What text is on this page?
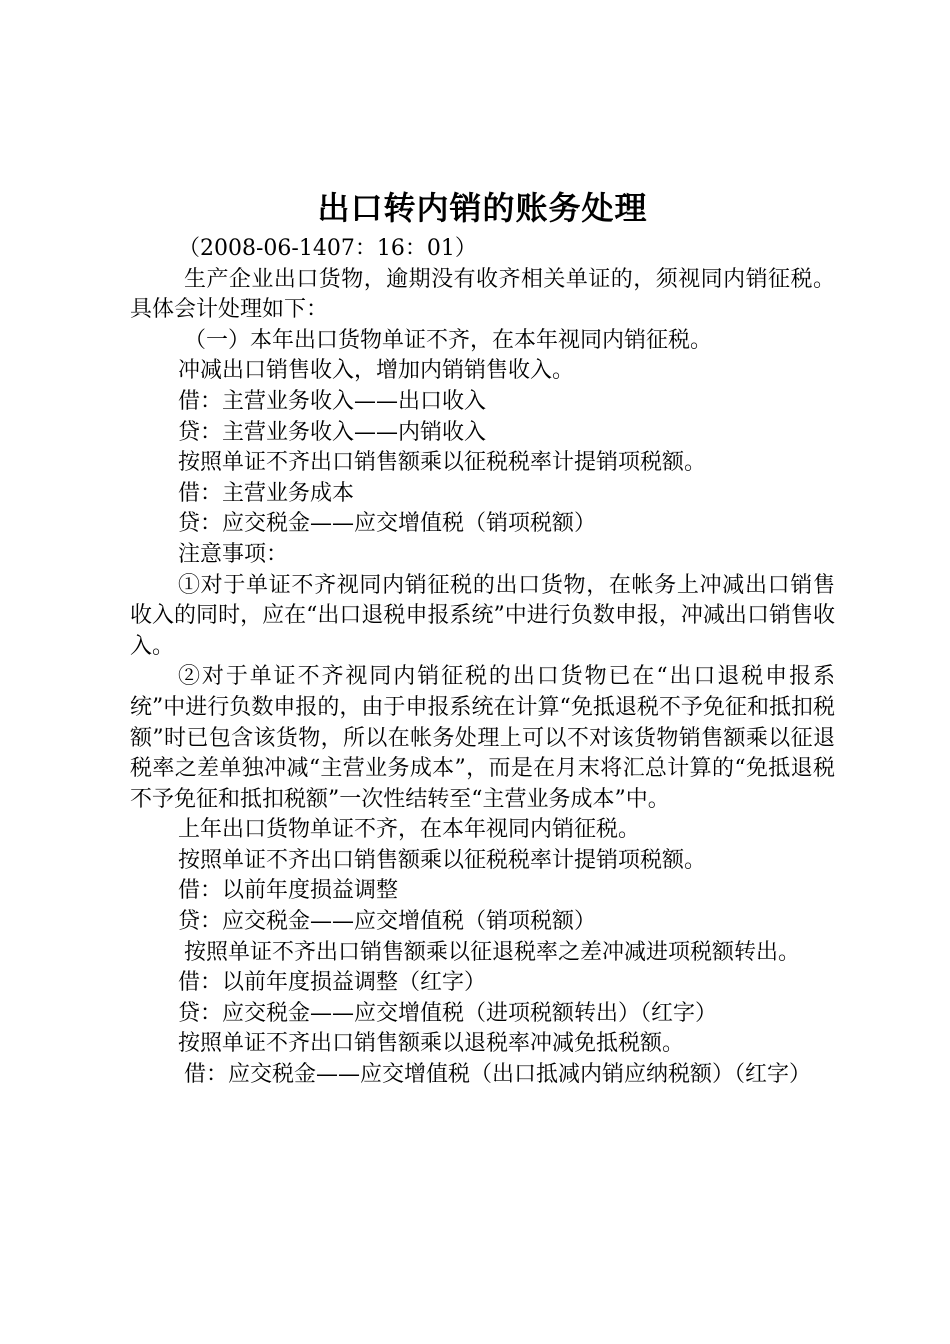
出口转内销的账务处理

（2008-06-1407：16：01）

生产企业出口货物，逾期没有收齐相关单证的，须视同内销征税。具体会计处理如下：

（一）本年出口货物单证不齐，在本年视同内销征税。

冲减出口销售收入，增加内销销售收入。

借：主营业务收入——出口收入

贷：主营业务收入——内销收入

按照单证不齐出口销售额乘以征税税率计提销项税额。

借：主营业务成本

贷：应交税金——应交增值税（销项税额）

注意事项：

①对于单证不齐视同内销征税的出口货物，在帐务上冲减出口销售收入的同时，应在“出口退税申报系统”中进行负数申报，冲减出口销售收入。

②对于单证不齐视同内销征税的出口货物已在“出口退税申报系统”中进行负数申报的，由于申报系统在计算“免抵退税不予免征和抵扣税额”时已包含该货物，所以在帐务处理上可以不对该货物销售额乘以征退税率之差单独冲减“主营业务成本”，而是在月末将汇总计算的“免抵退税不予免征和抵扣税额”一次性结转至“主营业务成本”中。

上年出口货物单证不齐，在本年视同内销征税。

按照单证不齐出口销售额乘以征税税率计提销项税额。

借：以前年度损益调整

贷：应交税金——应交增值税（销项税额）

按照单证不齐出口销售额乘以征退税率之差冲减进项税额转出。

借：以前年度损益调整（红字）

贷：应交税金——应交增值税（进项税额转出）（红字）

按照单证不齐出口销售额乘以退税率冲减免抵税额。

借：应交税金——应交增值税（出口抵减内销应纳税额）（红字）
